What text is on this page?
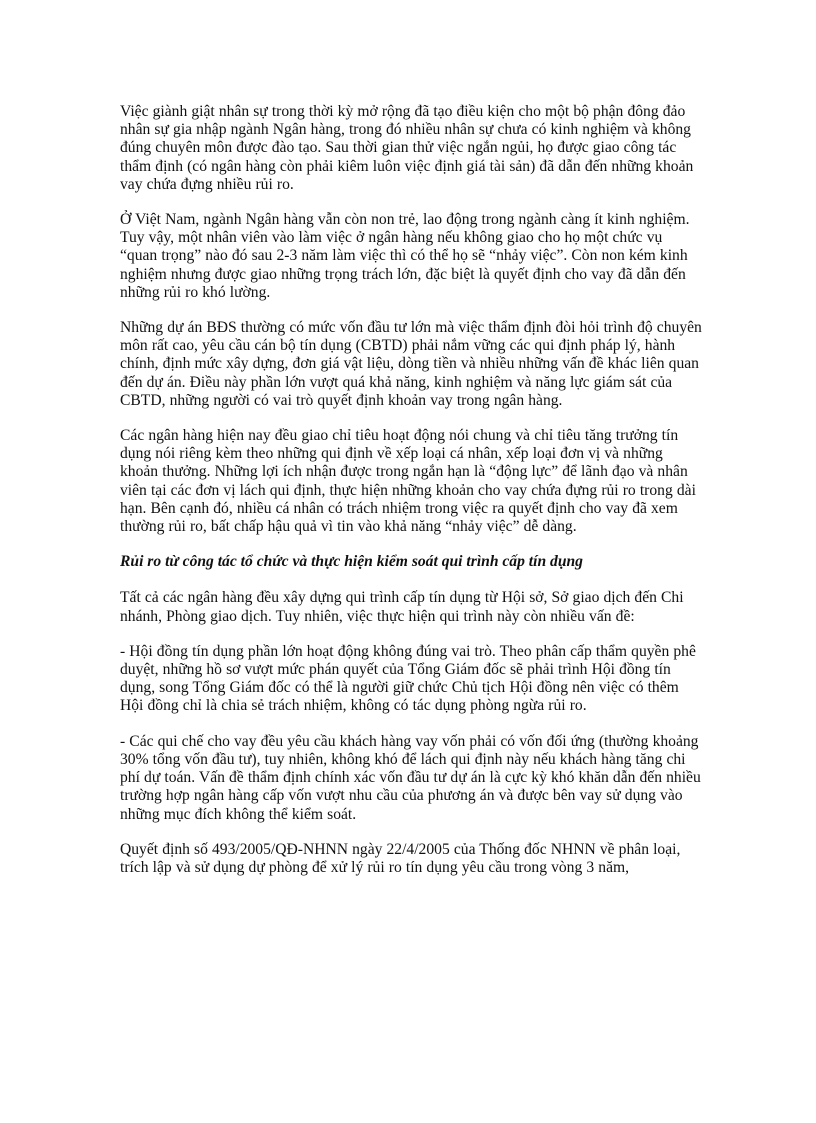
Việc giành giật nhân sự trong thời kỳ mở rộng đã tạo điều kiện cho một bộ phận đông đảo nhân sự gia nhập ngành Ngân hàng, trong đó nhiều nhân sự chưa có kinh nghiệm và không đúng chuyên môn được đào tạo. Sau thời gian thử việc ngắn ngủi, họ được giao công tác thẩm định (có ngân hàng còn phải kiêm luôn việc định giá tài sản) đã dẫn đến những khoản vay chứa đựng nhiều rủi ro.

Ở Việt Nam, ngành Ngân hàng vẫn còn non trẻ, lao động trong ngành càng ít kinh nghiệm. Tuy vậy, một nhân viên vào làm việc ở ngân hàng nếu không giao cho họ một chức vụ “quan trọng” nào đó sau 2-3 năm làm việc thì có thể họ sẽ “nhảy việc”. Còn non kém kinh nghiệm nhưng được giao những trọng trách lớn, đặc biệt là quyết định cho vay đã dẫn đến những rủi ro khó lường.

Những dự án BĐS thường có mức vốn đầu tư lớn mà việc thẩm định đòi hỏi trình độ chuyên môn rất cao, yêu cầu cán bộ tín dụng (CBTD) phải nắm vững các qui định pháp lý, hành chính, định mức xây dựng, đơn giá vật liệu, dòng tiền và nhiều những vấn đề khác liên quan đến dự án. Điều này phần lớn vượt quá khả năng, kinh nghiệm và năng lực giám sát của CBTD, những người có vai trò quyết định khoản vay trong ngân hàng.

Các ngân hàng hiện nay đều giao chỉ tiêu hoạt động nói chung và chỉ tiêu tăng trưởng tín dụng nói riêng kèm theo những qui định về xếp loại cá nhân, xếp loại đơn vị và những khoản thưởng. Những lợi ích nhận được trong ngắn hạn là “động lực” để lãnh đạo và nhân viên tại các đơn vị lách qui định, thực hiện những khoản cho vay chứa đựng rủi ro trong dài hạn. Bên cạnh đó, nhiều cá nhân có trách nhiệm trong việc ra quyết định cho vay đã xem thường rủi ro, bất chấp hậu quả vì tin vào khả năng “nhảy việc” dễ dàng.

Rủi ro từ công tác tổ chức và thực hiện kiểm soát qui trình cấp tín dụng

Tất cả các ngân hàng đều xây dựng qui trình cấp tín dụng từ Hội sở, Sở giao dịch đến Chi nhánh, Phòng giao dịch. Tuy nhiên, việc thực hiện qui trình này còn nhiều vấn đề:

- Hội đồng tín dụng phần lớn hoạt động không đúng vai trò. Theo phân cấp thẩm quyền phê duyệt, những hồ sơ vượt mức phán quyết của Tổng Giám đốc sẽ phải trình Hội đồng tín dụng, song Tổng Giám đốc có thể là người giữ chức Chủ tịch Hội đồng nên việc có thêm Hội đồng chỉ là chia sẻ trách nhiệm, không có tác dụng phòng ngừa rủi ro.

- Các qui chế cho vay đều yêu cầu khách hàng vay vốn phải có vốn đối ứng (thường khoảng 30% tổng vốn đầu tư), tuy nhiên, không khó để lách qui định này nếu khách hàng tăng chi phí dự toán. Vấn đề thẩm định chính xác vốn đầu tư dự án là cực kỳ khó khăn dẫn đến nhiều trường hợp ngân hàng cấp vốn vượt nhu cầu của phương án và được bên vay sử dụng vào những mục đích không thể kiểm soát.

Quyết định số 493/2005/QĐ-NHNN ngày 22/4/2005 của Thống đốc NHNN về phân loại, trích lập và sử dụng dự phòng để xử lý rủi ro tín dụng yêu cầu trong vòng 3 năm,
